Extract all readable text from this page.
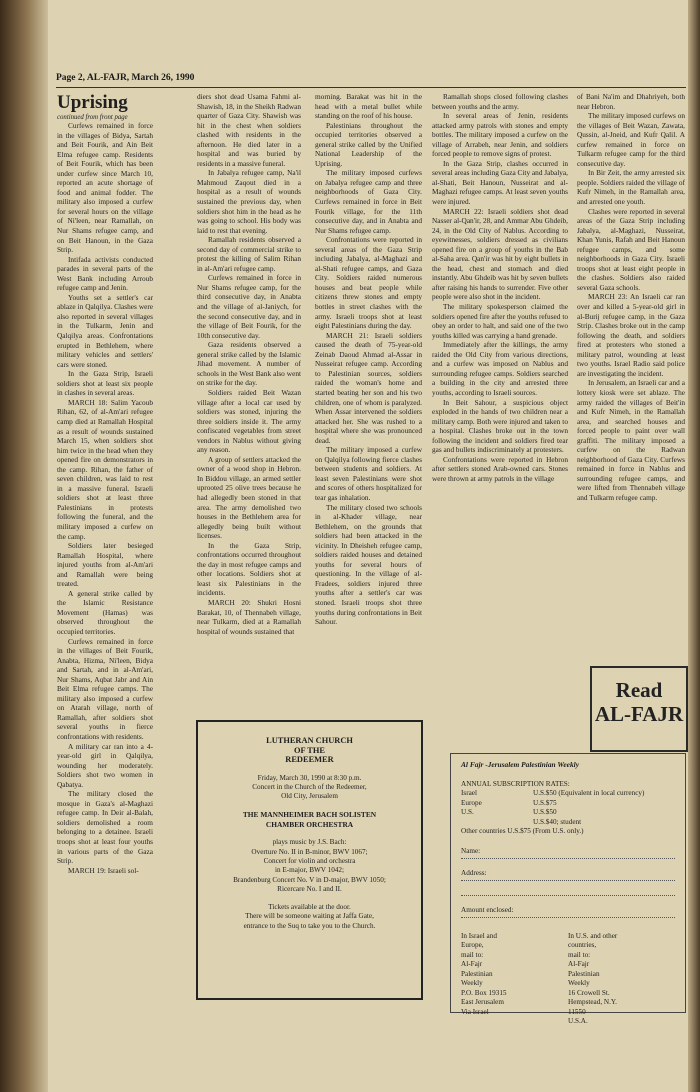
Page 2, AL-FAJR, March 26, 1990

Uprising

continued from front page

Curfews remained in force in the villages of Bidya, Sartah and Beit Fourik, and Ain Beit Elma refugee camp. Residents of Beit Fourik, which has been under curfew since March 10, reported an acute shortage of food and animal fodder. The military also imposed a curfew for several hours on the village of Ni'leen, near Ramallah, on Nur Shams refugee camp, and on Beit Hanoun, in the Gaza Strip.

Intifada activists conducted parades in several parts of the West Bank including Arroub refugee camp and Jenin.

Youths set a settler's car ablaze in Qalqilya. Clashes were also reported in several villages in the Tulkarm, Jenin and Qalqilya areas. Confrontations erupted in Bethlehem, where military vehicles and settlers' cars were stoned.

In the Gaza Strip, Israeli soldiers shot at least six people in clashes in several areas.

MARCH 18: Salim Yacoub Rihan, 62, of al-Am'ari refugee camp died at Ramallah Hospital as a result of wounds sustained March 15, when soldiers shot him twice in the head when they opened fire on demonstrators in the camp. Rihan, the father of seven children, was laid to rest in a massive funeral. Israeli soldiers shot at least three Palestinians in protests following the funeral, and the military imposed a curfew on the camp.

Soldiers later besieged Ramallah Hospital, where injured youths from al-Am'ari and Ramallah were being treated.

A general strike called by the Islamic Resistance Movement (Hamas) was observed throughout the occupied territories.

Curfews remained in force in the villages of Beit Fourik, Anabta, Hizma, Ni'leen, Bidya and Sartah, and in al-Am'ari, Nur Shams, Aqbat Jabr and Ain Beit Elma refugee camps. The military also imposed a curfew on Atarah village, north of Ramallah, after soldiers shot several youths in fierce confrontations with residents.

A military car ran into a 4-year-old girl in Qalqilya, wounding her moderately. Soldiers shot two women in Qabatya.

The military closed the mosque in Gaza's al-Maghazi refugee camp. In Deir al-Balah, soldiers demolished a room belonging to a detainee. Israeli troops shot at least four youths in various parts of the Gaza Strip.

MARCH 19: Israeli sol-

diers shot dead Usama Fahmi al-Shawish, 18, in the Sheikh Radwan quarter of Gaza City. Shawish was hit in the chest when soldiers clashed with residents in the afternoon. He died later in a hospital and was buried by residents in a massive funeral.

In Jabalya refugee camp, Na'il Mahmoud Zaqout died in a hospital as a result of wounds sustained the previous day, when soldiers shot him in the head as he was going to school. His body was laid to rest that evening.

Ramallah residents observed a second day of commercial strike to protest the killing of Salim Rihan in al-Am'ari refugee camp.

Curfews remained in force in Nur Shams refugee camp, for the third consecutive day, in Anabta and the village of al-Janiych, for the second consecutive day, and in the village of Beit Fourik, for the 10th consecutive day.

Gaza residents observed a general strike called by the Islamic Jihad movement. A number of schools in the West Bank also went on strike for the day.

Soldiers raided Beit Wazan village after a local car used by soldiers was stoned, injuring the three soldiers inside it. The army confiscated vegetables from street vendors in Nablus without giving any reason.

A group of settlers attacked the owner of a wood shop in Hebron. In Biddou village, an armed settler uprooted 25 olive trees because he had allegedly been stoned in that area. The army demolished two houses in the Bethlehem area for allegedly being built without licenses.

In the Gaza Strip, confrontations occurred throughout the day in most refugee camps and other locations. Soldiers shot at least six Palestinians in the incidents.

MARCH 20: Shukri Hosni Barakat, 10, of Thennabeh village, near Tulkarm, died at a Ramallah hospital of wounds sustained that

morning. Barakat was hit in the head with a metal bullet while standing on the roof of his house.

Palestinians throughout the occupied territories observed a general strike called by the Unified National Leadership of the Uprising.

The military imposed curfews on Jabalya refugee camp and three neighborhoods of Gaza City. Curfews remained in force in Beit Fourik village, for the 11th consecutive day, and in Anabta and Nur Shams refugee camp.

Confrontations were reported in several areas of the Gaza Strip including Jabalya, al-Maghazi and al-Shati refugee camps, and Gaza City. Soldiers raided numerous houses and beat people while citizens threw stones and empty bottles in street clashes with the army. Israeli troops shot at least eight Palestinians during the day.

MARCH 21: Israeli soldiers caused the death of 75-year-old Zeinab Daoud Ahmad al-Assar in Nusseirat refugee camp. According to Palestinian sources, soldiers raided the woman's home and started beating her son and his two children, one of whom is paralyzed. When Assar intervened the soldiers attacked her. She was rushed to a hospital where she was pronounced dead.

The military imposed a curfew on Qalqilya following fierce clashes between students and soldiers. At least seven Palestinians were shot and scores of others hospitalized for tear gas inhalation.

The military closed two schools in al-Khader village, near Bethlehem, on the grounds that soldiers had been attacked in the vicinity. In Dheisheh refugee camp, soldiers raided houses and detained youths for several hours of questioning. In the village of al-Fradees, soldiers injured three youths after a settler's car was stoned. Israeli troops shot three youths during confrontations in Beit Sahour.

Ramallah shops closed following clashes between youths and the army.

In several areas of Jenin, residents attacked army patrols with stones and empty bottles. The military imposed a curfew on the village of Arrabeh, near Jenin, and soldiers forced people to remove signs of protest.

In the Gaza Strip, clashes occurred in several areas including Gaza City and Jabalya, al-Shati, Beit Hanoun, Nusseirat and al-Maghazi refugee camps. At least seven youths were injured.

MARCH 22: Israeli soldiers shot dead Nasser al-Qan'ir, 28, and Ammar Abu Ghdeib, 24, in the Old City of Nablus. According to eyewitnesses, soldiers dressed as civilians opened fire on a group of youths in the Bab al-Saha area. Qan'ir was hit by eight bullets in the head, chest and stomach and died instantly. Abu Ghdeib was hit by seven bullets after raising his hands to surrender. Five other people were also shot in the incident.

The military spokesperson claimed the soldiers opened fire after the youths refused to obey an order to halt, and said one of the two youths killed was carrying a hand grenade.

Immediately after the killings, the army raided the Old City from various directions, and a curfew was imposed on Nablus and surrounding refugee camps. Soldiers searched a building in the city and arrested three youths, according to Israeli sources.

In Beit Sahour, a suspicious object exploded in the hands of two children near a military camp. Both were injured and taken to a hospital. Clashes broke out in the town following the incident and soldiers fired tear gas and bullets indiscriminately at protesters.

Confrontations were reported in Hebron after settlers stoned Arab-owned cars. Stones were thrown at army patrols in the village

of Bani Na'im and Dhahriyeh, both near Hebron.

The military imposed curfews on the villages of Beit Wazan, Zawata, Qussin, al-Jneid, and Kufr Qalil. A curfew remained in force on Tulkarm refugee camp for the third consecutive day.

In Bir Zeit, the army arrested six people. Soldiers raided the village of Kufr Nimeh, in the Ramallah area, and arrested one youth.

Clashes were reported in several areas of the Gaza Strip including Jabalya, al-Maghazi, Nusseirat, Khan Yunis, Rafah and Beit Hanoun refugee camps, and some neighborhoods in Gaza City. Israeli troops shot at least eight people in the clashes. Soldiers also raided several Gaza schools.

MARCH 23: An Israeli car ran over and killed a 5-year-old girl in al-Burij refugee camp, in the Gaza Strip. Clashes broke out in the camp following the death, and soldiers fired at protesters who stoned a military patrol, wounding at least two youths. Israel Radio said police are investigating the incident.

In Jerusalem, an Israeli car and a lottery kiosk were set ablaze. The army raided the villages of Beit'in and Kufr Nimeh, in the Ramallah area, and searched houses and forced people to paint over wall graffiti. The military imposed a curfew on the Radwan neighborhood of Gaza City. Curfews remained in force in Nablus and surrounding refugee camps, and were lifted from Thennabeh village and Tulkarm refugee camp.

LUTHERAN CHURCH
OF THE
REDEEMER
Friday, March 30, 1990 at 8:30 p.m.
Concert in the Church of the Redeemer,
Old City, Jerusalem
THE MANNHEIMER BACH SOLISTEN
CHAMBER ORCHESTRA
plays music by J.S. Bach:
Overture No. II in B-minor, BWV 1067;
Concert for violin and orchestra
in E-major, BWV 1042;
Brandenburg Concert No. V in D-major, BWV 1050;
Ricercare No. I and II.
Tickets available at the door.
There will be someone waiting at Jaffa Gate,
entrance to the Suq to take you to the Church.
Read
AL-FAJR
Al Fajr -Jerusalem Palestinian Weekly
ANNUAL SUBSCRIPTION RATES:
Israel	U.S.$50 (Equivalent in local currency)
Europe	U.S.$75
U.S.	U.S.$50
U.S.$40; student
Other countries U.S.$75 (From U.S. only.)
Name:
Address:
Amount enclosed:
In Israel and Europe,
mail to:
Al-Fajr Palestinian Weekly
P.O. Box 19315
East Jerusalem
Via Israel
In U.S. and other countries,
mail to:
Al-Fajr Palestinian Weekly
16 Crowell St.
Hempstead, N.Y. 11550
U.S.A.
